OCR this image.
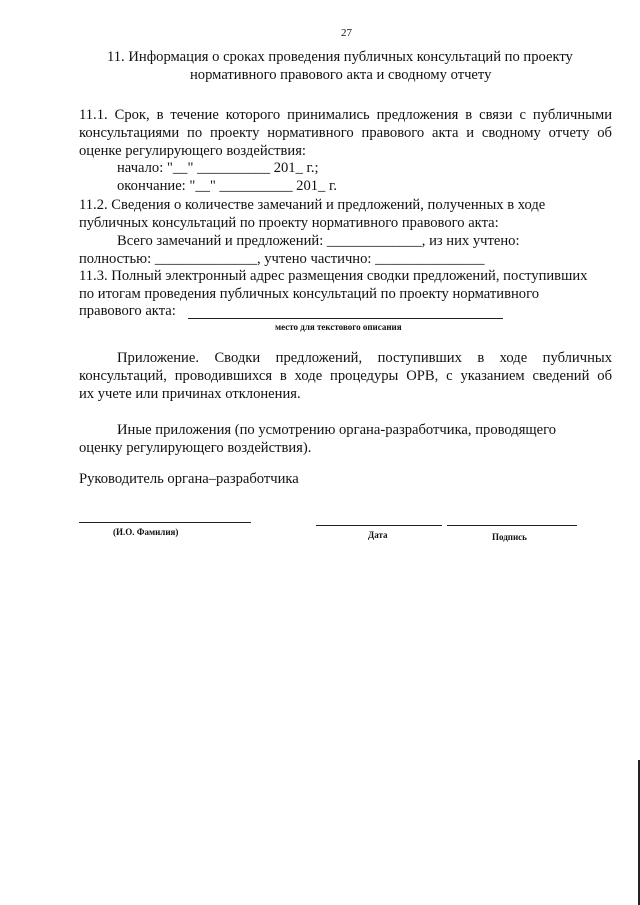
27
11. Информация о сроках проведения публичных консультаций по проекту
нормативного правового акта и сводному отчету
11.1. Срок, в течение которого принимались предложения в связи с публичными
консультациями по проекту нормативного правового акта и сводному отчету об
оценке регулирующего воздействия:
начало: "__" __________ 201_ г.;
окончание: "__" __________ 201_ г.
11.2. Сведения о количестве замечаний и предложений, полученных в ходе
публичных консультаций по проекту нормативного правового акта:
Всего замечаний и предложений: _____________, из них учтено:
полностью: ______________, учтено частично: _______________
11.3. Полный электронный адрес размещения сводки предложений, поступивших
по итогам проведения публичных консультаций по проекту нормативного
правового акта:
место для текстового описания
Приложение. Сводки предложений, поступивших в ходе публичных
консультаций, проводившихся в ходе процедуры ОРВ, с указанием сведений об
их учете или причинах отклонения.
Иные приложения (по усмотрению органа-разработчика, проводящего
оценку регулирующего воздействия).
Руководитель органа–разработчика
(И.О. Фамилия)	Дата	Подпись
